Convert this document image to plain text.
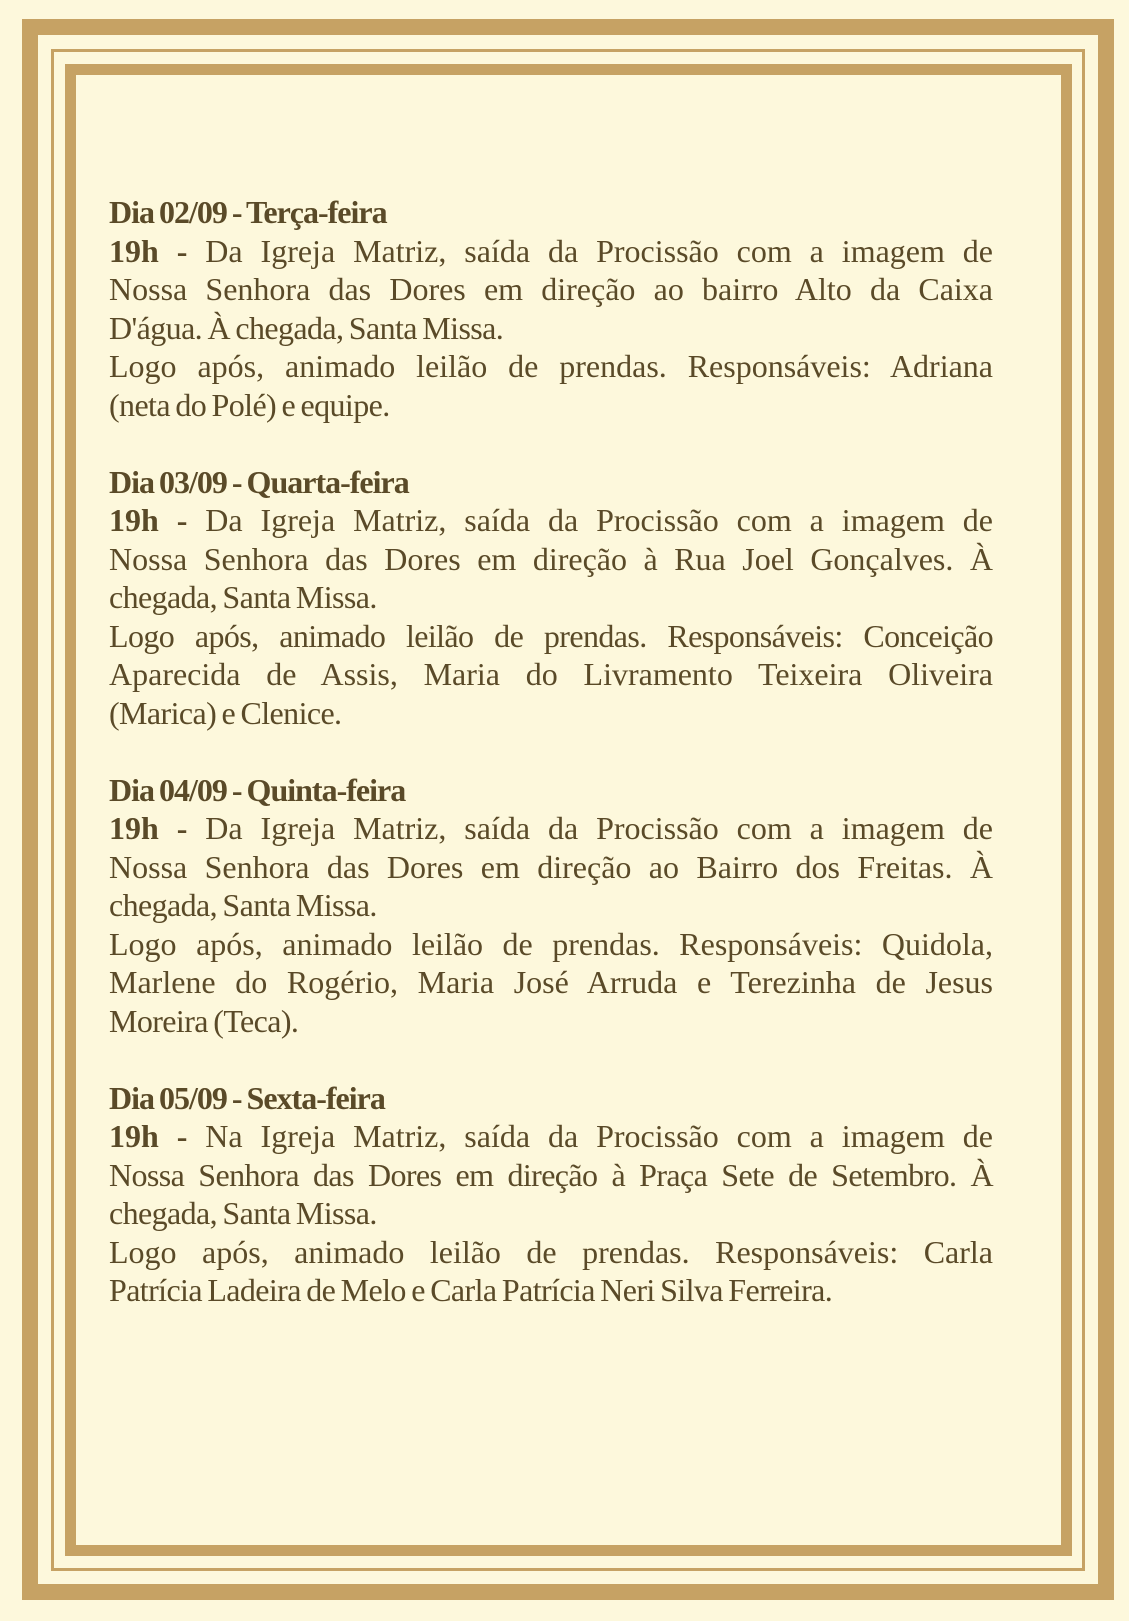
Dia 02/09 - Terça-feira
19h - Da Igreja Matriz, saída da Procissão com a imagem de
Nossa Senhora das Dores em direção ao bairro Alto da Caixa
D'água. À chegada, Santa Missa.
Logo após, animado leilão de prendas. Responsáveis: Adriana
(neta do Polé) e equipe.
Dia 03/09 - Quarta-feira
19h - Da Igreja Matriz, saída da Procissão com a imagem de
Nossa Senhora das Dores em direção à Rua Joel Gonçalves. À
chegada, Santa Missa.
Logo após, animado leilão de prendas. Responsáveis: Conceição
Aparecida de Assis, Maria do Livramento Teixeira Oliveira
(Marica) e Clenice.
Dia 04/09 - Quinta-feira
19h - Da Igreja Matriz, saída da Procissão com a imagem de
Nossa Senhora das Dores em direção ao Bairro dos Freitas. À
chegada, Santa Missa.
Logo após, animado leilão de prendas. Responsáveis: Quidola,
Marlene do Rogério, Maria José Arruda e Terezinha de Jesus
Moreira (Teca).
Dia 05/09 - Sexta-feira
19h - Na Igreja Matriz, saída da Procissão com a imagem de
Nossa Senhora das Dores em direção à Praça Sete de Setembro. À
chegada, Santa Missa.
Logo após, animado leilão de prendas. Responsáveis: Carla
Patrícia Ladeira de Melo e Carla Patrícia Neri Silva Ferreira.
